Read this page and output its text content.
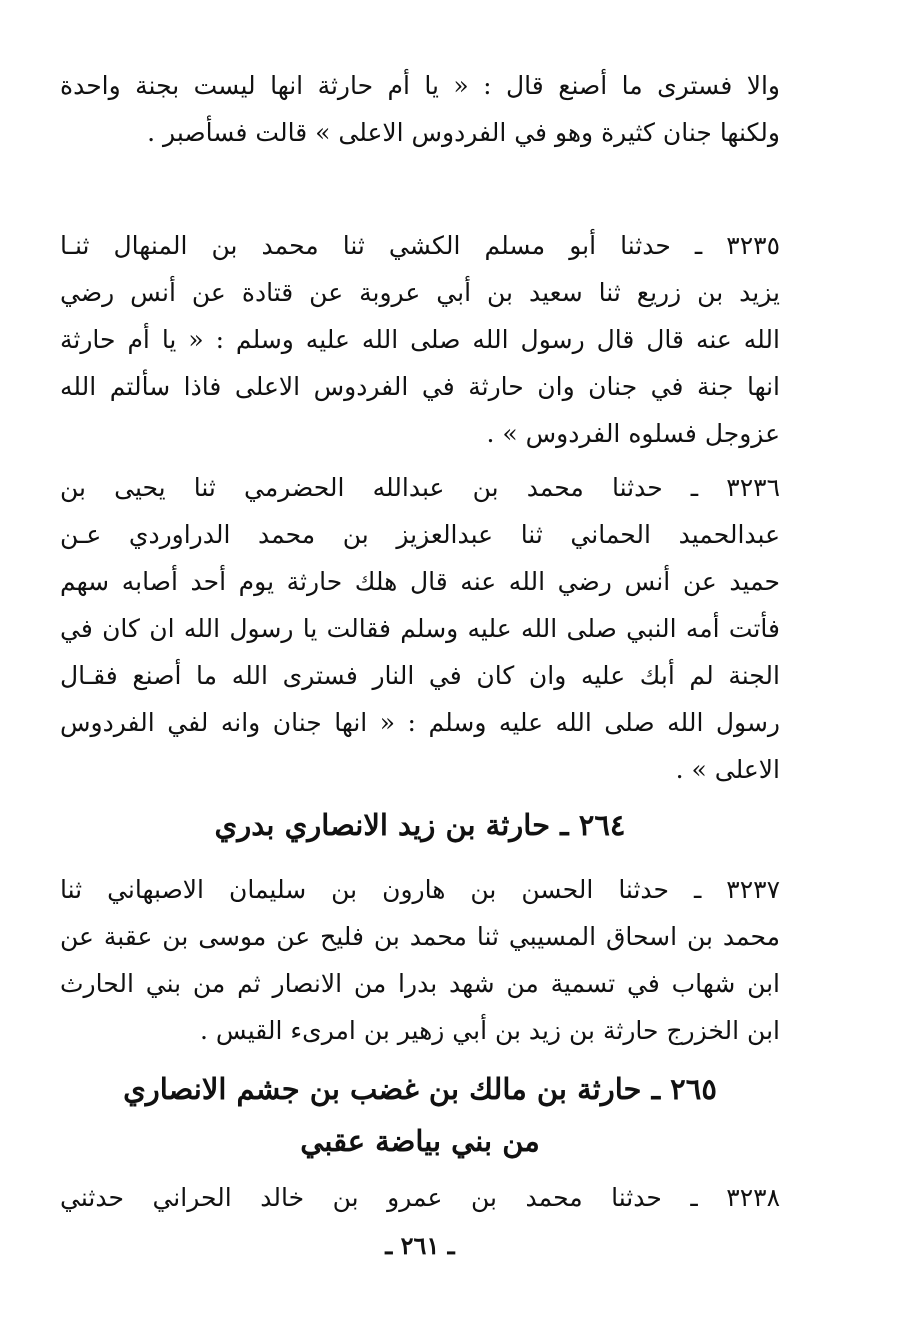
والا فسترى ما أصنع قال : « يا أم حارثة انها ليست بجنة واحدة
ولكنها جنان كثيرة وهو في الفردوس الاعلى » قالت فسأصبر .
٣٢٣٥ ـ حدثنا أبو مسلم الكشي ثنا محمد بن المنهال ثنـا
يزيد بن زريع ثنا سعيد بن أبي عروبة عن قتادة عن أنس رضي
الله عنه قال قال رسول الله صلى الله عليه وسلم : « يا أم حارثة
انها جنة في جنان وان حارثة في الفردوس الاعلى فاذا سألتم الله
عزوجل فسلوه الفردوس » .
٣٢٣٦ ـ حدثنا محمد بن عبدالله الحضرمي ثنا يحيى بن
عبدالحميد الحماني ثنا عبدالعزيز بن محمد الدراوردي عـن
حميد عن أنس رضي الله عنه قال هلك حارثة يوم أحد أصابه سهم
فأتت أمه النبي صلى الله عليه وسلم فقالت يا رسول الله ان كان في
الجنة لم أبك عليه وان كان في النار فسترى الله ما أصنع فقـال
رسول الله صلى الله عليه وسلم : « انها جنان وانه لفي الفردوس
الاعلى » .
٢٦٤ ـ حارثة بن زيد الانصاري بدري
٣٢٣٧ ـ حدثنا الحسن بن هارون بن سليمان الاصبهاني ثنا
محمد بن اسحاق المسيبي ثنا محمد بن فليح عن موسى بن عقبة عن
ابن شهاب في تسمية من شهد بدرا من الانصار ثم من بني الحارث
ابن الخزرج حارثة بن زيد بن أبي زهير بن امرىء القيس .
٢٦٥ ـ حارثة بن مالك بن غضب بن جشم الانصاري
من بني بياضة عقبي
٣٢٣٨ ـ حدثنا محمد بن عمرو بن خالد الحراني حدثني
ـ ٢٦١ ـ
